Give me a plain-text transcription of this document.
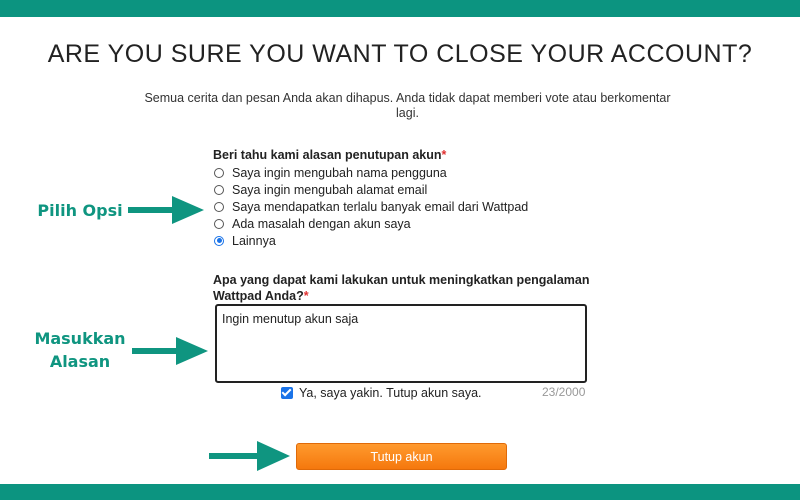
ARE YOU SURE YOU WANT TO CLOSE YOUR ACCOUNT?
Semua cerita dan pesan Anda akan dihapus. Anda tidak dapat memberi vote atau berkomentar lagi.
Beri tahu kami alasan penutupan akun*
Saya ingin mengubah nama pengguna
Saya ingin mengubah alamat email
Saya mendapatkan terlalu banyak email dari Wattpad
Ada masalah dengan akun saya
Lainnya
Apa yang dapat kami lakukan untuk meningkatkan pengalaman Wattpad Anda?*
Ingin menutup akun saja
Ya, saya yakin. Tutup akun saya.	23/2000
Tutup akun
Pilih Opsi
Masukkan
Alasan
